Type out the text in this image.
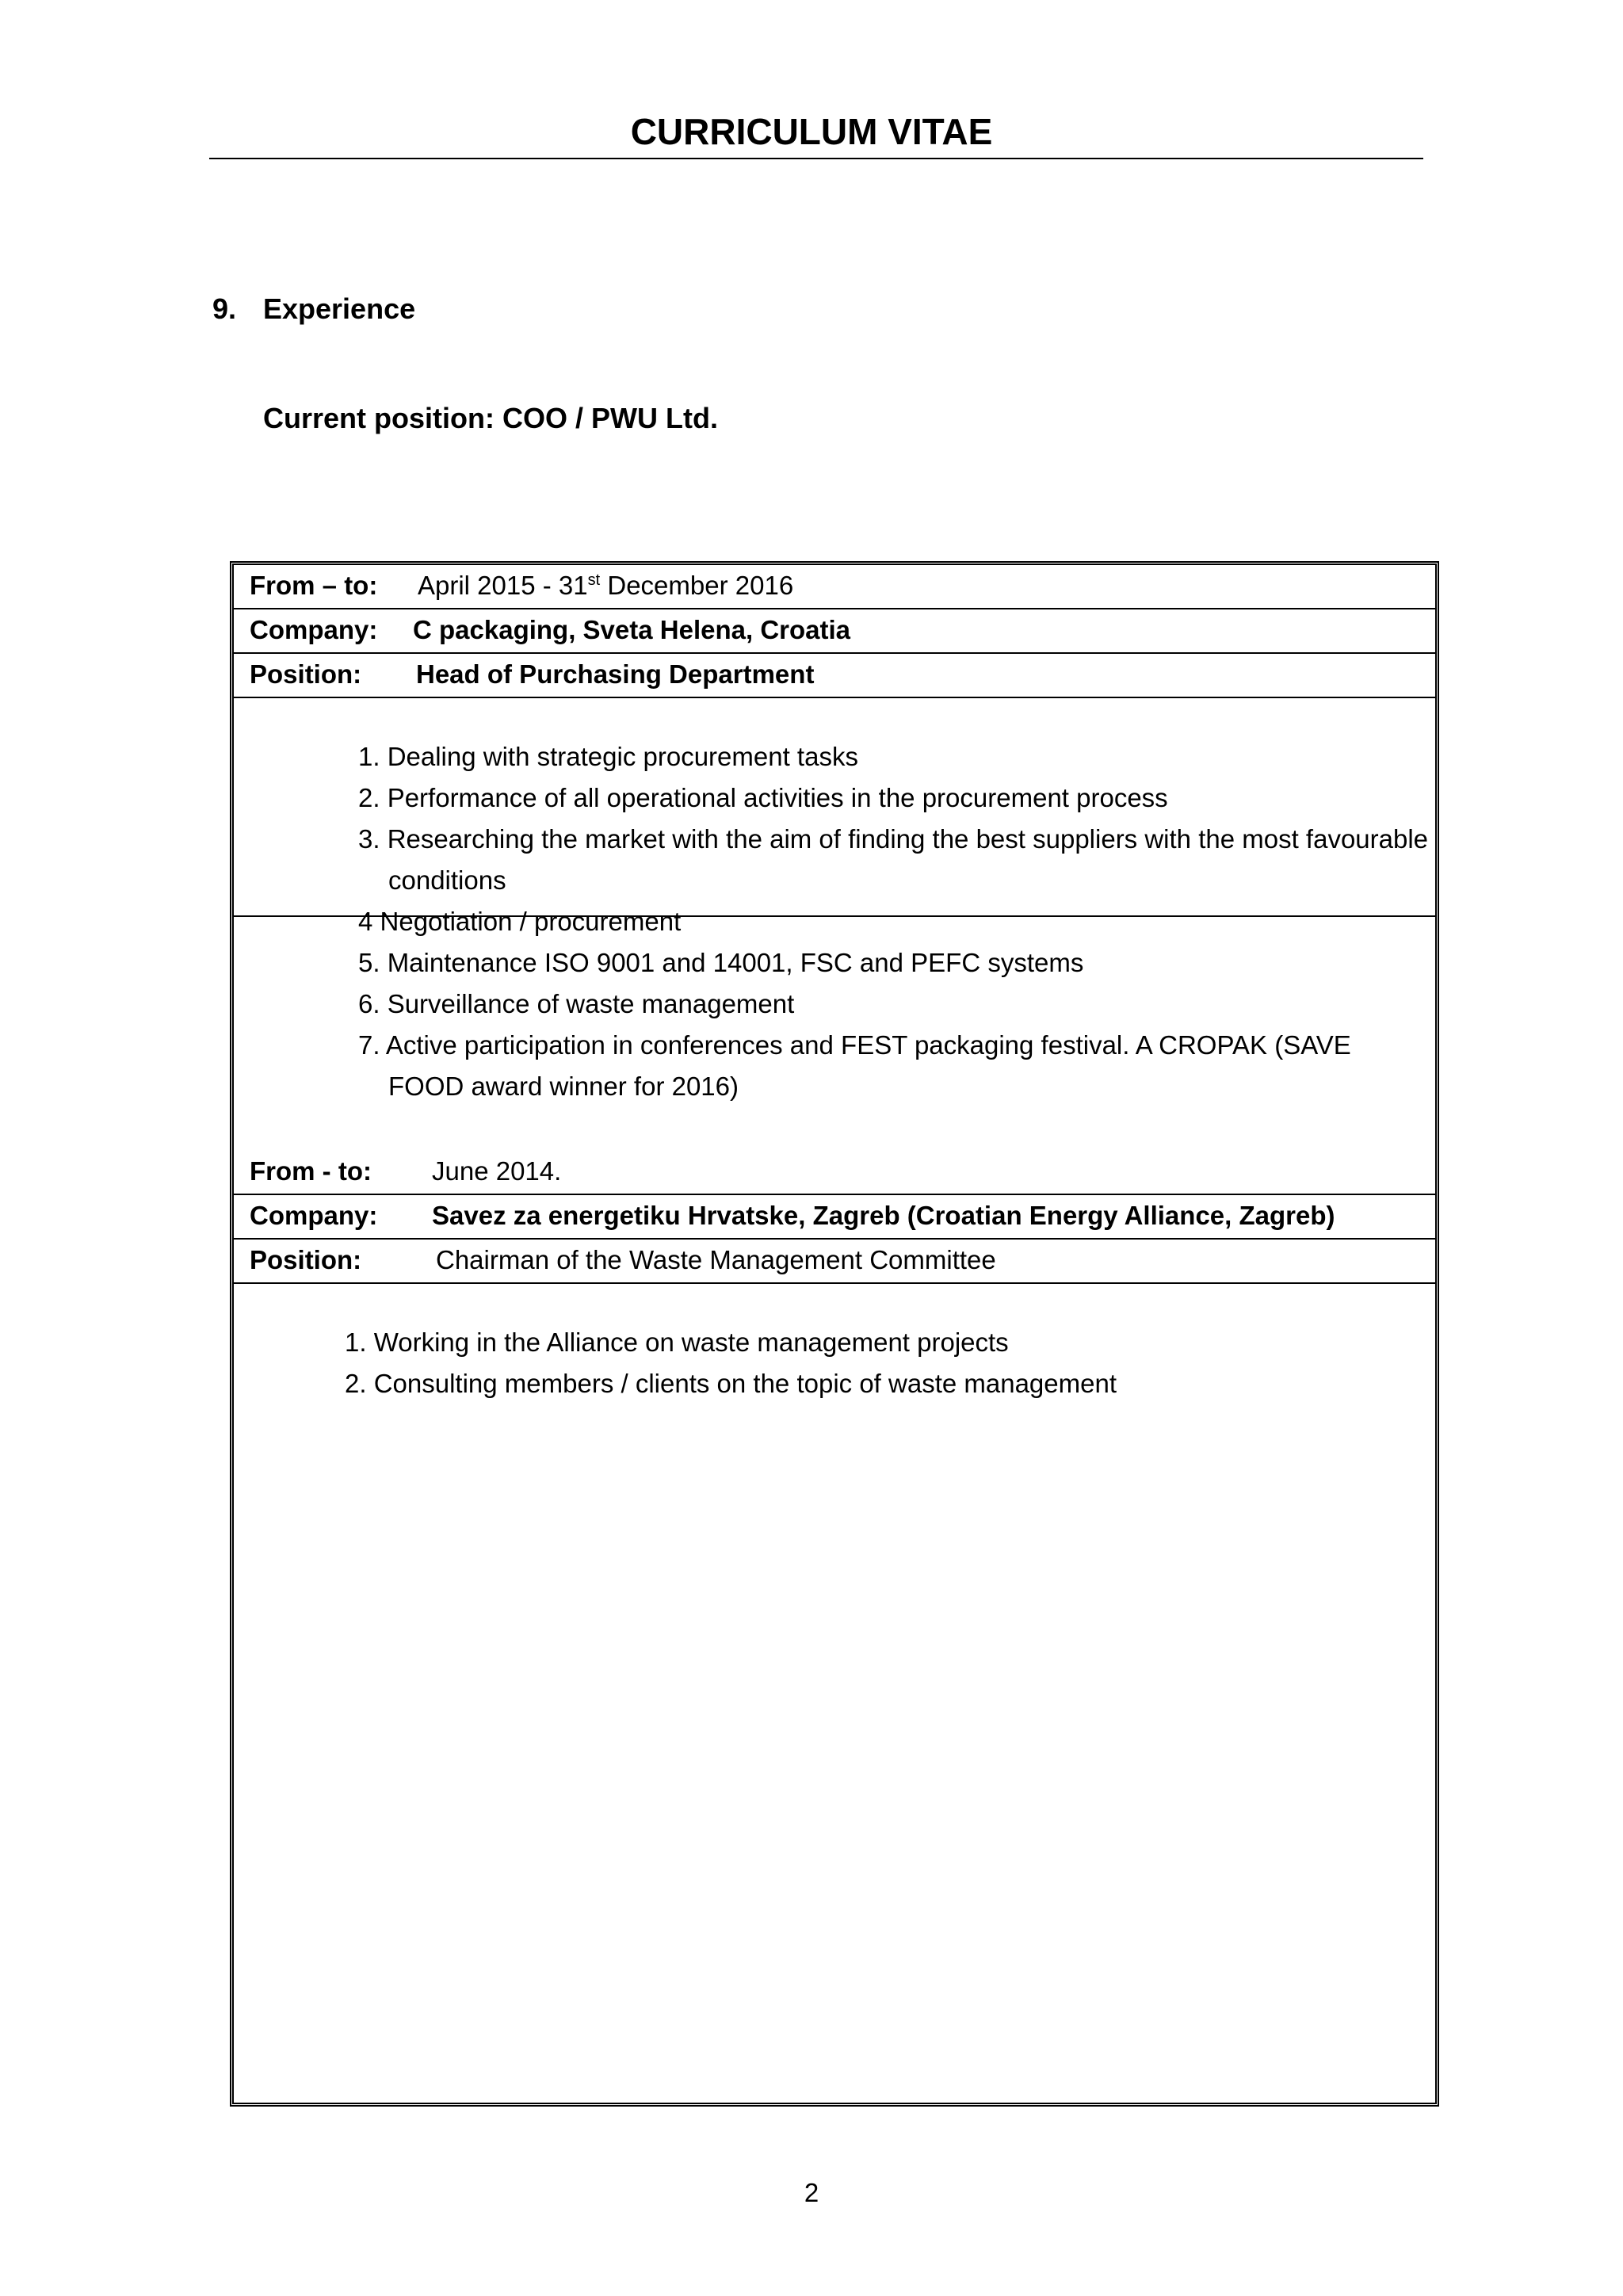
CURRICULUM VITAE
9. Experience
Current position: COO / PWU Ltd.
From – to: April 2015 - 31st December 2016
Company: C packaging, Sveta Helena, Croatia
Position: Head of Purchasing Department
1. Dealing with strategic procurement tasks
2. Performance of all operational activities in the procurement process
3. Researching the market with the aim of finding the best suppliers with the most favourable
conditions
4 Negotiation / procurement
5. Maintenance ISO 9001 and 14001, FSC and PEFC systems
6. Surveillance of waste management
7. Active participation in conferences and FEST packaging festival. A CROPAK (SAVE
FOOD award winner for 2016)
From - to: June 2014.
Company: Savez za energetiku Hrvatske, Zagreb (Croatian Energy Alliance, Zagreb)
Position:	Chairman of the Waste Management Committee
1. Working in the Alliance on waste management projects
2. Consulting members / clients on the topic of waste management
2
